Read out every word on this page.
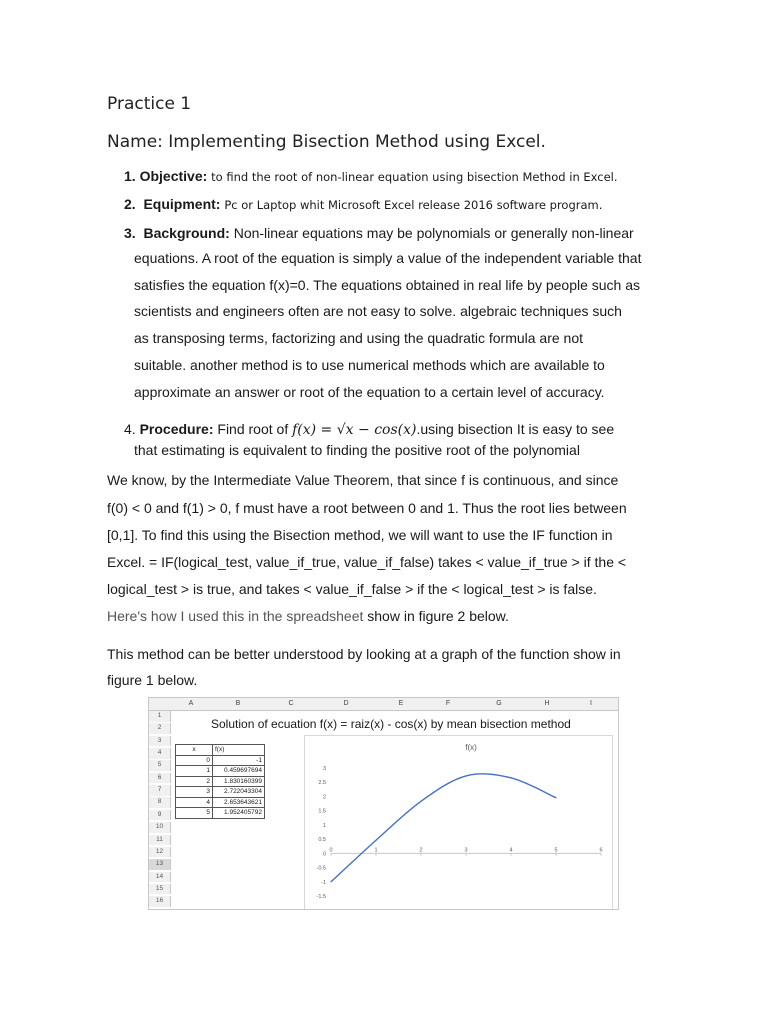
Practice 1
Name: Implementing Bisection Method using Excel.
1. Objective: to find the root of non-linear equation using bisection Method in Excel.
2. Equipment: Pc or Laptop whit Microsoft Excel release 2016 software program.
3. Background: Non-linear equations may be polynomials or generally non-linear
equations. A root of the equation is simply a value of the independent variable that
satisfies the equation f(x)=0. The equations obtained in real life by people such as
scientists and engineers often are not easy to solve. algebraic techniques such
as transposing terms, factorizing and using the quadratic formula are not
suitable. another method is to use numerical methods which are available to
approximate an answer or root of the equation to a certain level of accuracy.
4. Procedure: Find root of f(x) = √x − cos(x).using bisection It is easy to see
that estimating is equivalent to finding the positive root of the polynomial
We know, by the Intermediate Value Theorem, that since f is continuous, and since
f(0) < 0 and f(1) > 0, f must have a root between 0 and 1. Thus the root lies between
[0,1]. To find this using the Bisection method, we will want to use the IF function in
Excel. = IF(logical_test, value_if_true, value_if_false) takes < value_if_true > if the <
logical_test > is true, and takes < value_if_false > if the < logical_test > is false.
Here's how I used this in the spreadsheet show in figure 2 below.
This method can be better understood by looking at a graph of the function show in
figure 1 below.
A	B	C	D	E	F	G	H	I
1
2
3
4
5
6
7
8
9
10
11
12
13
14
15
16
Solution of ecuation f(x) = raiz(x) - cos(x) by mean bisection method
x	f(x)
0	-1
1	0.459697694
2	1.830160399
3	2.722043304
4	2.653643621
5	1.952405792
f(x)
3
2.5
2
1.5
1
0.5
0
-0.5
-1
-1.5
0	1	2	3	4	5	6
